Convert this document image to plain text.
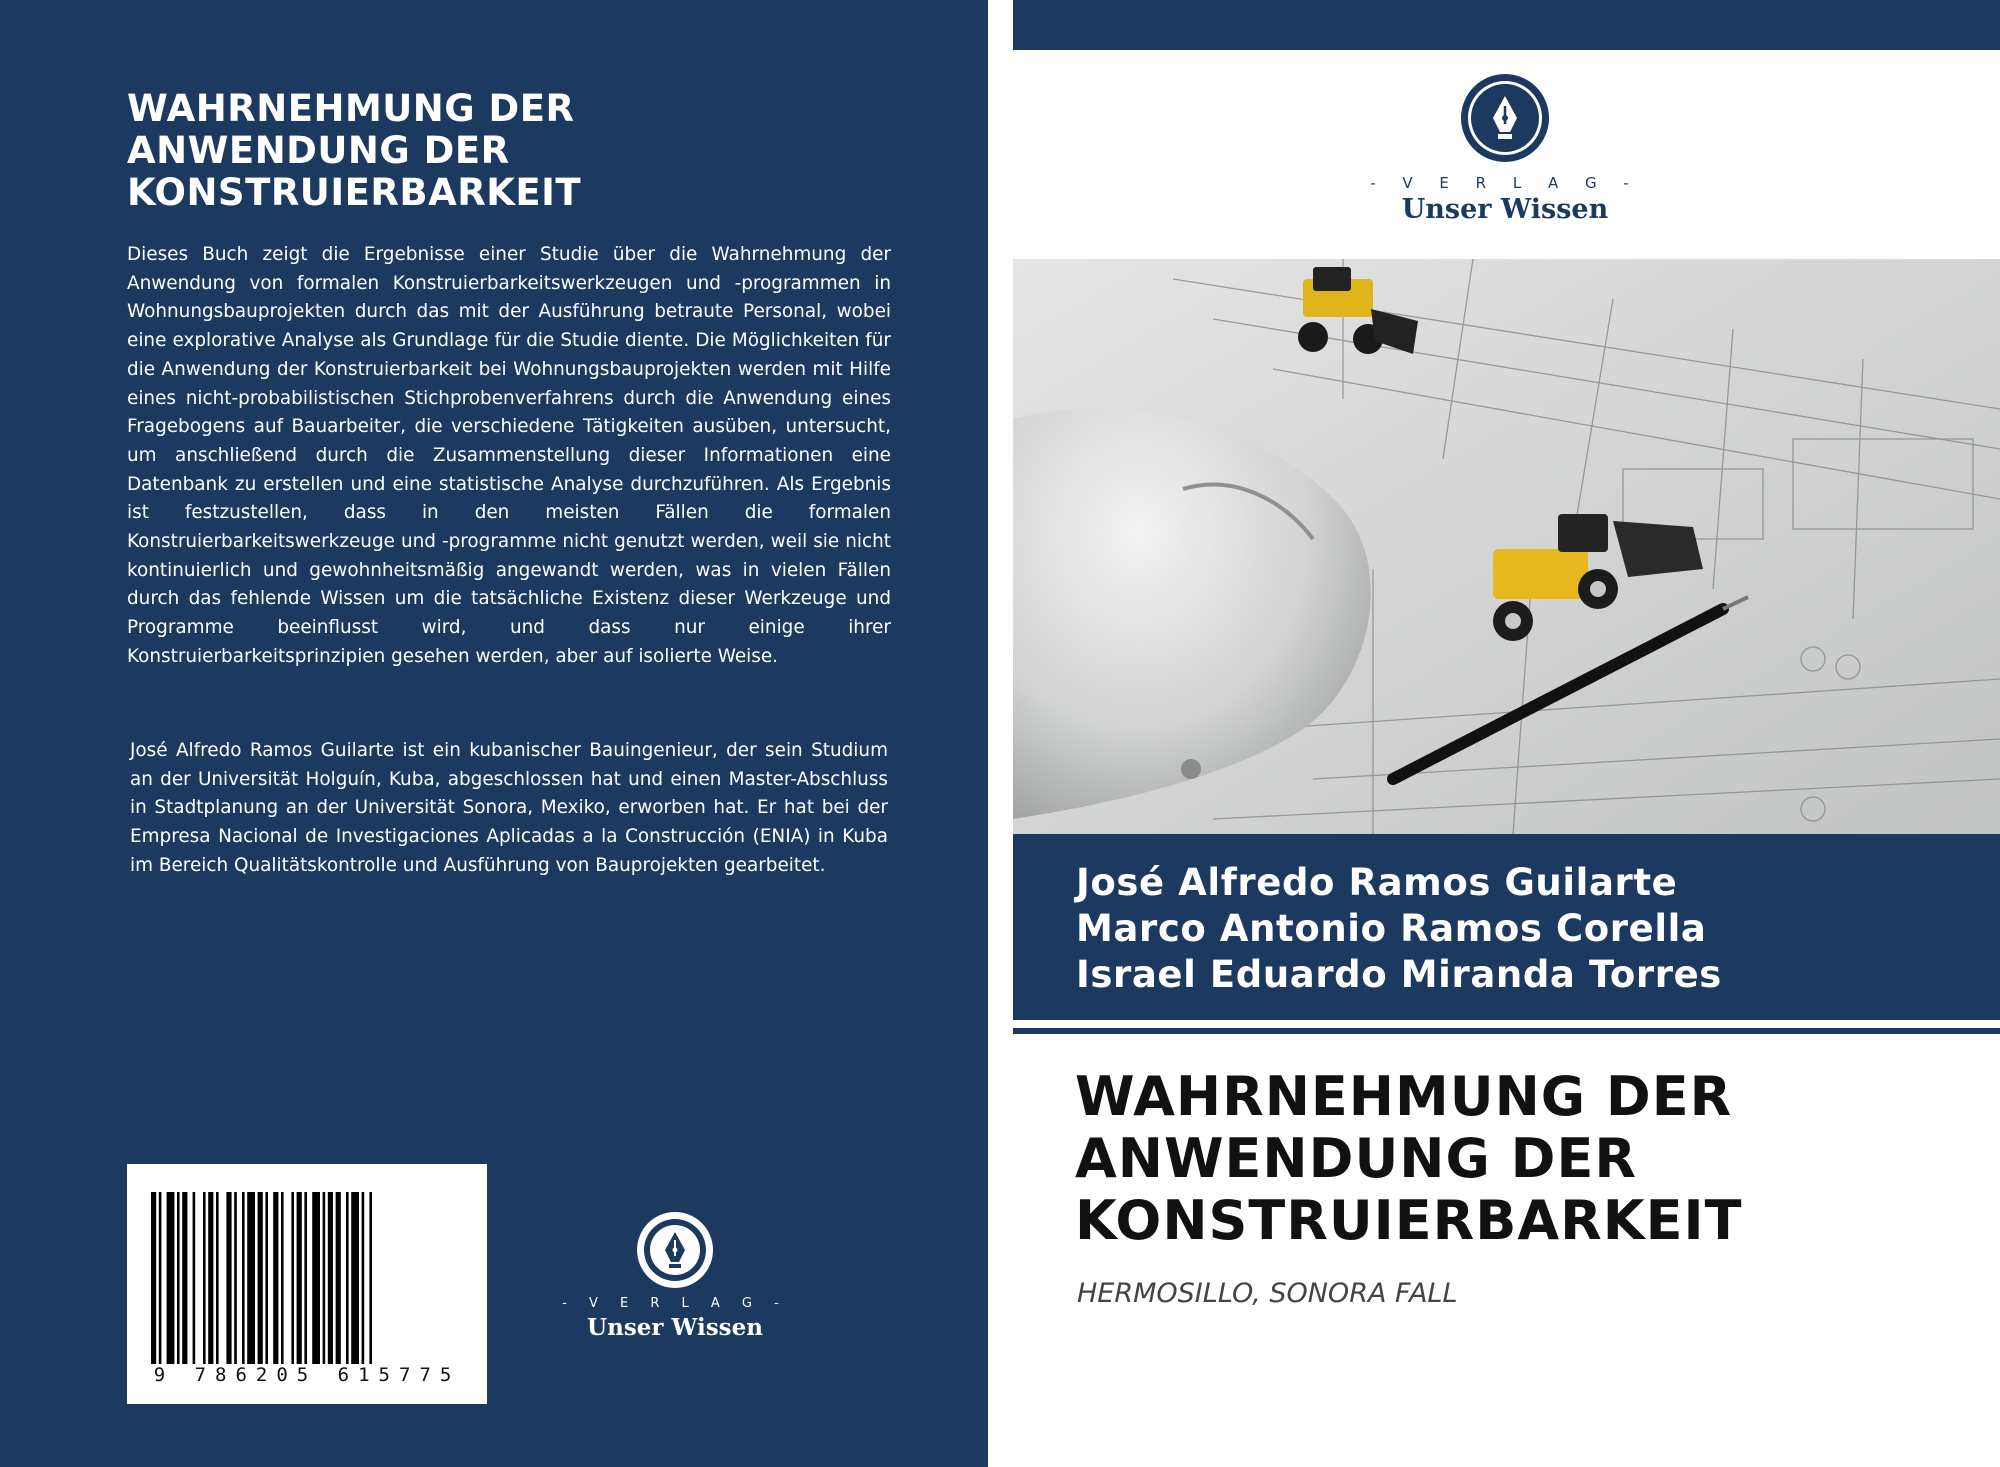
WAHRNEHMUNG DER
ANWENDUNG DER
KONSTRUIERBARKEIT

Dieses Buch zeigt die Ergebnisse einer Studie über die Wahrnehmung der Anwendung von formalen Konstruierbarkeitswerkzeugen und -programmen in Wohnungsbauprojekten durch das mit der Ausführung betraute Personal, wobei eine explorative Analyse als Grundlage für die Studie diente. Die Möglichkeiten für die Anwendung der Konstruierbarkeit bei Wohnungsbauprojekten werden mit Hilfe eines nicht-probabilistischen Stichprobenverfahrens durch die Anwendung eines Fragebogens auf Bauarbeiter, die verschiedene Tätigkeiten ausüben, untersucht, um anschließend durch die Zusammenstellung dieser Informationen eine Datenbank zu erstellen und eine statistische Analyse durchzuführen. Als Ergebnis ist festzustellen, dass in den meisten Fällen die formalen Konstruierbarkeitswerkzeuge und -programme nicht genutzt werden, weil sie nicht kontinuierlich und gewohnheitsmäßig angewandt werden, was in vielen Fällen durch das fehlende Wissen um die tatsächliche Existenz dieser Werkzeuge und Programme beeinflusst wird, und dass nur einige ihrer Konstruierbarkeitsprinzipien gesehen werden, aber auf isolierte Weise.

José Alfredo Ramos Guilarte ist ein kubanischer Bauingenieur, der sein Studium an der Universität Holguín, Kuba, abgeschlossen hat und einen Master-Abschluss in Stadtplanung an der Universität Sonora, Mexiko, erworben hat. Er hat bei der Empresa Nacional de Investigaciones Aplicadas a la Construcción (ENIA) in Kuba im Bereich Qualitätskontrolle und Ausführung von Bauprojekten gearbeitet.

9 786205 615775
- V E R L A G -
Unser Wissen
- V E R L A G -
Unser Wissen
José Alfredo Ramos Guilarte
Marco Antonio Ramos Corella
Israel Eduardo Miranda Torres
WAHRNEHMUNG DER
ANWENDUNG DER
KONSTRUIERBARKEIT
HERMOSILLO, SONORA FALL
